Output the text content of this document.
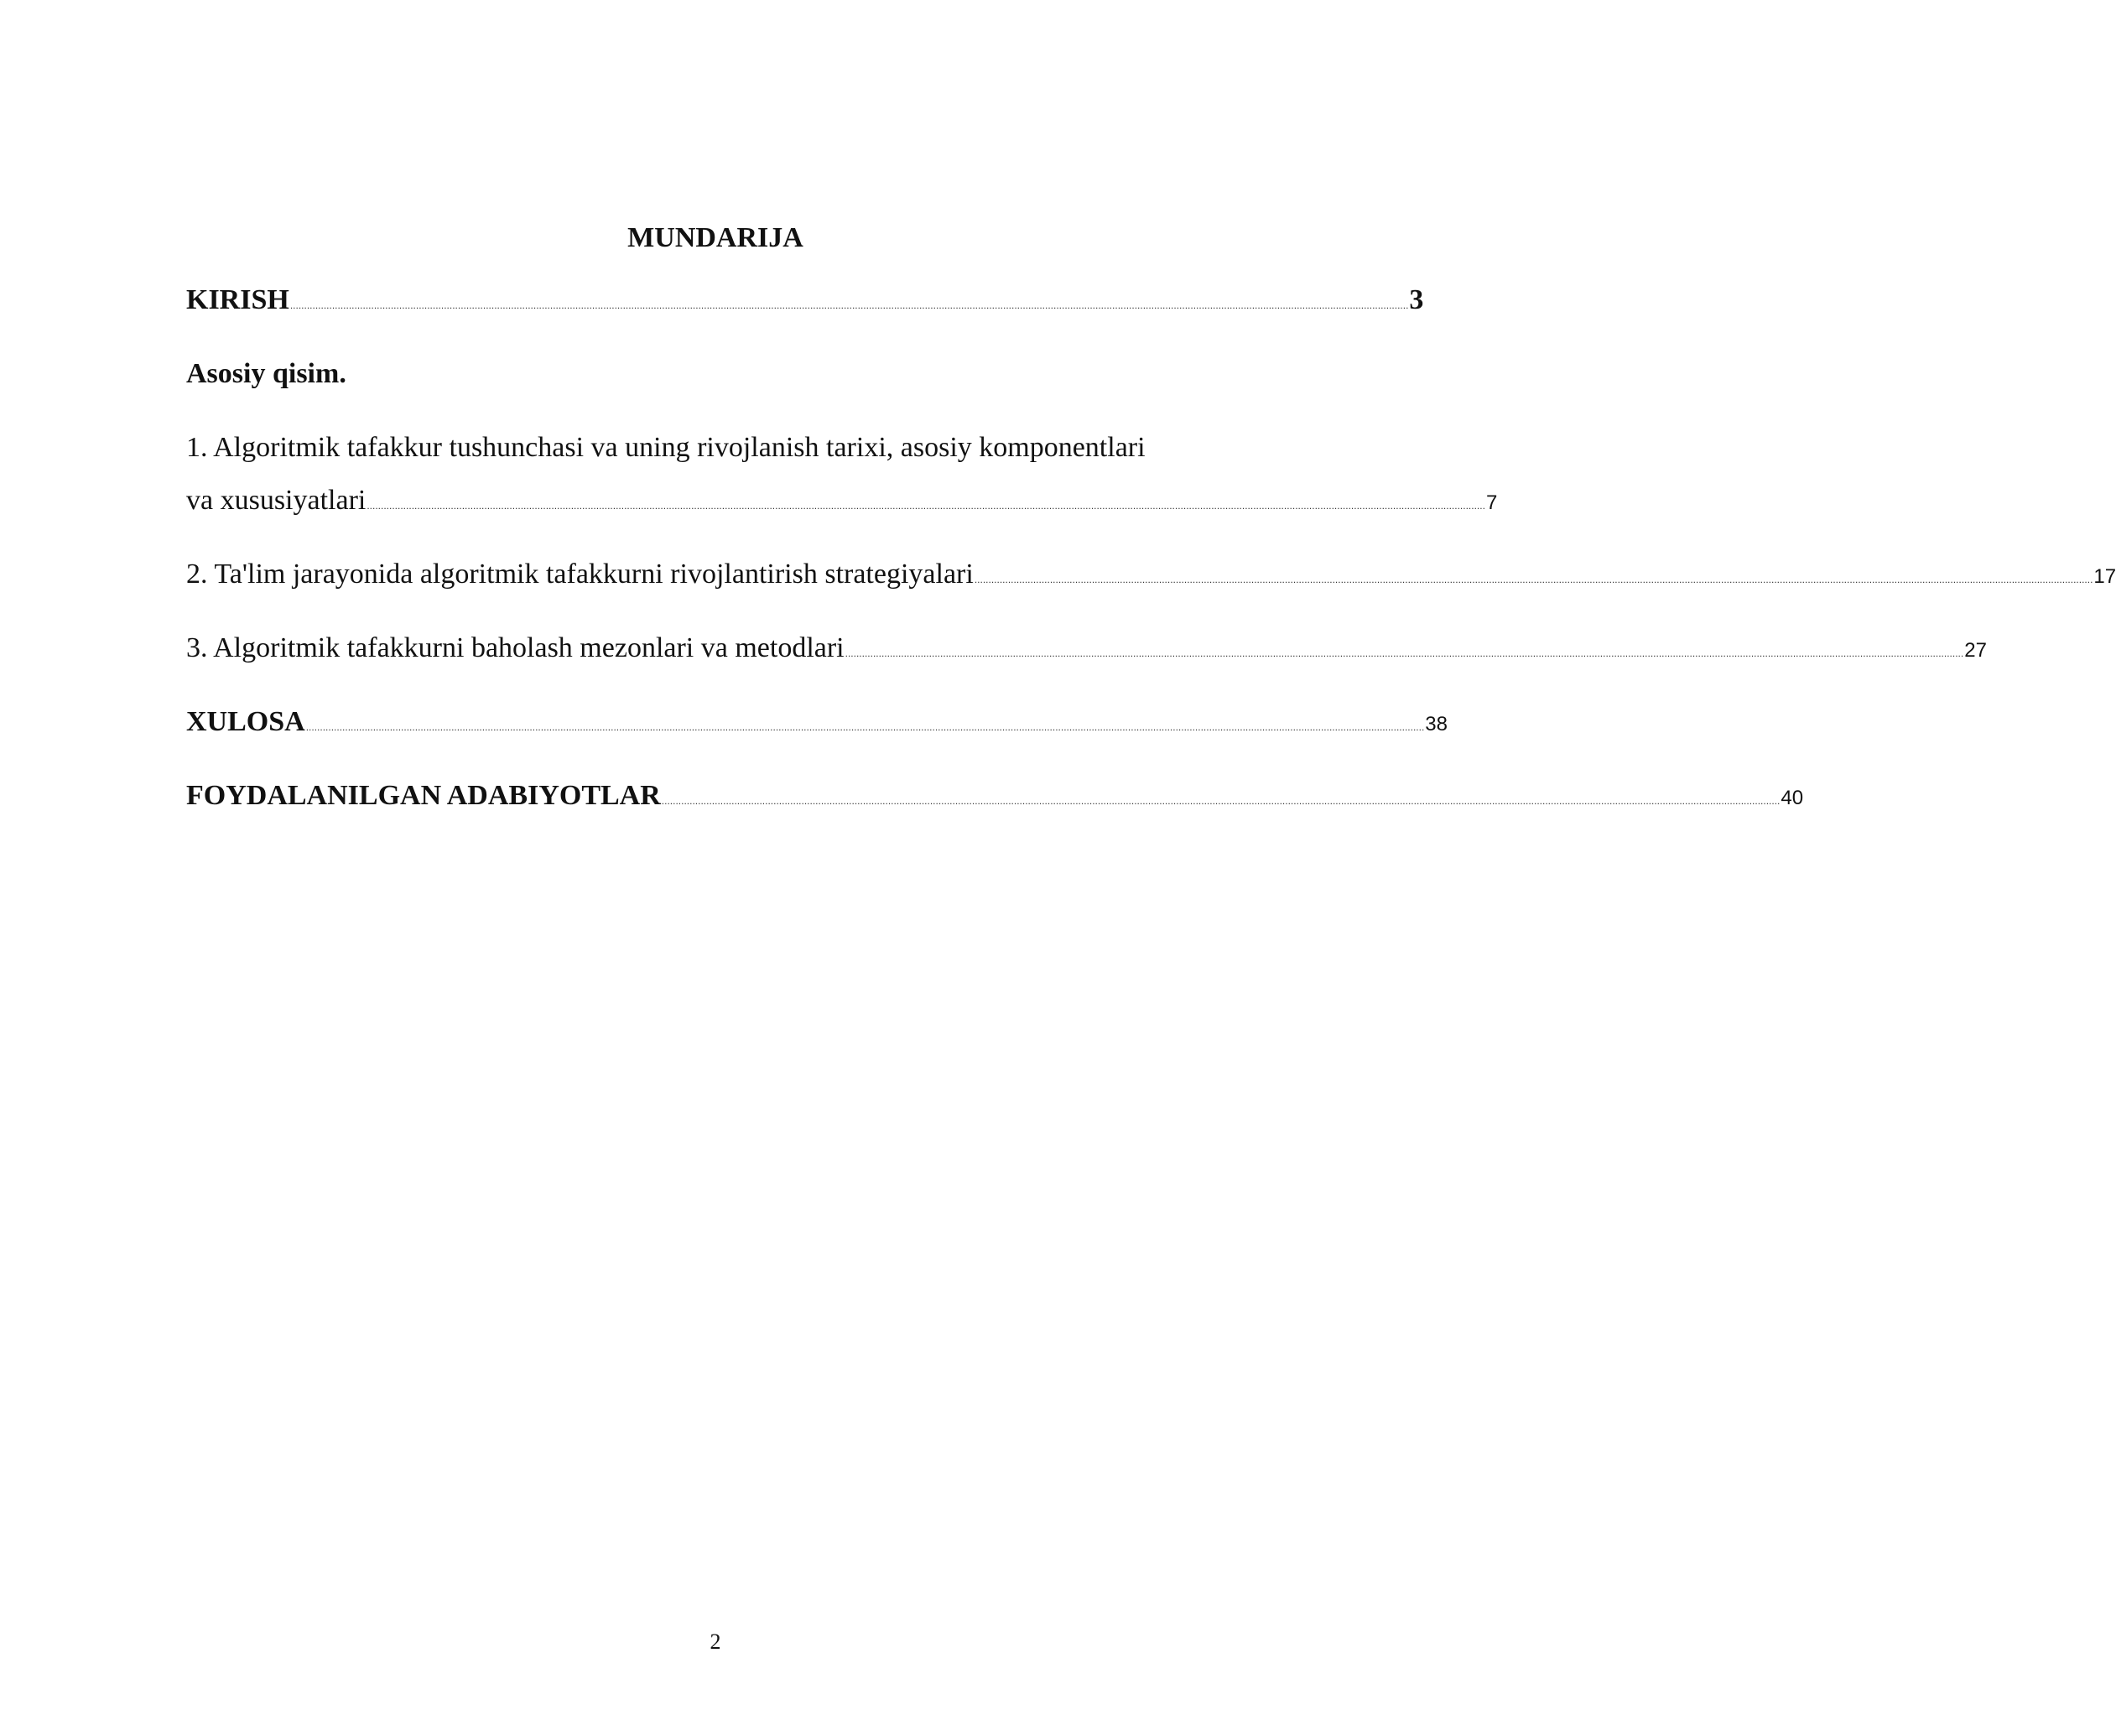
MUNDARIJA
KIRISH ................................................................................................................................................................................................................................................................................................................................................................................................................ 3
Asosiy qisim.
1. Algoritmik tafakkur tushunchasi va uning rivojlanish tarixi, asosiy komponentlari
va xususiyatlari ................................................................................................................................................................................................................................................................................................................................................................................................................ 7
2. Ta'lim jarayonida algoritmik tafakkurni rivojlantirish strategiyalari ................................................................................................................................................................................................................................................................................................................................................................................................................ 17
3. Algoritmik tafakkurni baholash mezonlari va metodlari ................................................................................................................................................................................................................................................................................................................................................................................................................ 27
XULOSA ................................................................................................................................................................................................................................................................................................................................................................................................................ 38
FOYDALANILGAN ADABIYOTLAR ................................................................................................................................................................................................................................................................................................................................................................................................................ 40
2
